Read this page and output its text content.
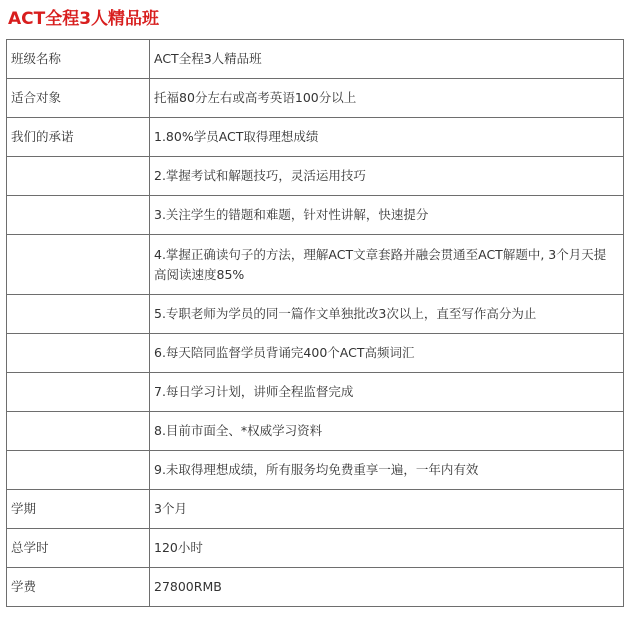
ACT全程3人精品班
班级名称	ACT全程3人精品班
适合对象	托福80分左右或高考英语100分以上
我们的承诺	1.80%学员ACT取得理想成绩
	2.掌握考试和解题技巧，灵活运用技巧
	3.关注学生的错题和难题，针对性讲解，快速提分
	4.掌握正确读句子的方法，理解ACT文章套路并融会贯通至ACT解题中, 3个月天提高阅读速度85%
	5.专职老师为学员的同一篇作文单独批改3次以上，直至写作高分为止
	6.每天陪同监督学员背诵完400个ACT高频词汇
	7.每日学习计划，讲师全程监督完成
	8.目前市面全、*权威学习资料
	9.未取得理想成绩，所有服务均免费重享一遍，一年内有效
学期	3个月
总学时	120小时
学费	27800RMB
